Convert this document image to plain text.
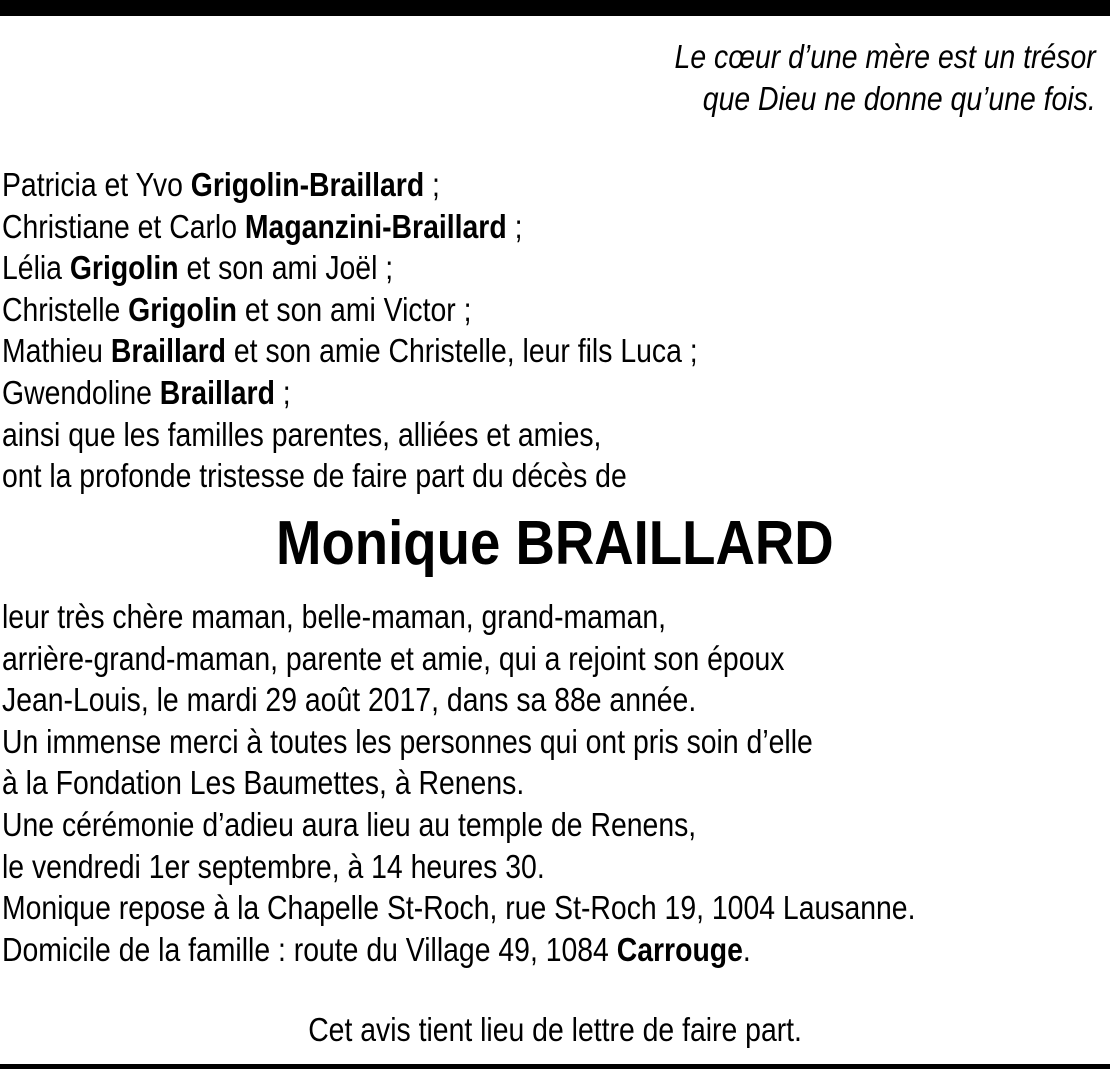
Le cœur d’une mère est un trésor
que Dieu ne donne qu’une fois.
Patricia et Yvo Grigolin-Braillard ;
Christiane et Carlo Maganzini-Braillard ;
Lélia Grigolin et son ami Joël ;
Christelle Grigolin et son ami Victor ;
Mathieu Braillard et son amie Christelle, leur fils Luca ;
Gwendoline Braillard ;
ainsi que les familles parentes, alliées et amies,
ont la profonde tristesse de faire part du décès de
Monique BRAILLARD
leur très chère maman, belle-maman, grand-maman,
arrière-grand-maman, parente et amie, qui a rejoint son époux
Jean-Louis, le mardi 29 août 2017, dans sa 88e année.
Un immense merci à toutes les personnes qui ont pris soin d’elle
à la Fondation Les Baumettes, à Renens.
Une cérémonie d’adieu aura lieu au temple de Renens,
le vendredi 1er septembre, à 14 heures 30.
Monique repose à la Chapelle St-Roch, rue St-Roch 19, 1004 Lausanne.
Domicile de la famille : route du Village 49, 1084 Carrouge.
Cet avis tient lieu de lettre de faire part.
